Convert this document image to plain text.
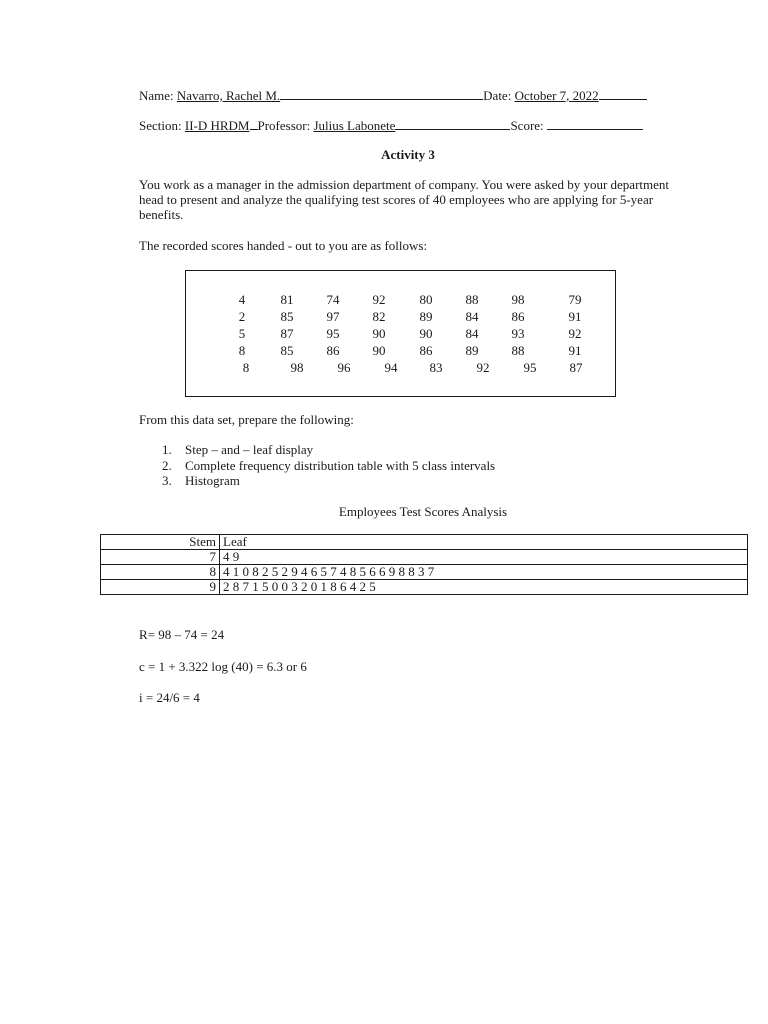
Name: Navarro, Rachel M.	Date: October 7, 2022
Section: II-D HRDM Professor: Julius Labonete	Score:
Activity 3
You work as a manager in the admission department of company. You were asked by your department head to present and analyze the qualifying test scores of 40 employees who are applying for 5-year benefits.
The recorded scores handed - out to you are as follows:
4	81	74	92	80	88	98	79
2	85	97	82	89	84	86	91
5	87	95	90	90	84	93	92
8	85	86	90	86	89	88	91
8	98	96	94	83	92	95	87
From this data set, prepare the following:
1. Step – and – leaf display
2. Complete frequency distribution table with 5 class intervals
3. Histogram
Employees Test Scores Analysis
Stem	Leaf
7	4 9
8	4 1 0 8 2 5 2 9 4 6 5 7 4 8 5 6 6 9 8 8 3 7
9	2 8 7 1 5 0 0 3 2 0 1 8 6 4 2 5
R= 98 – 74 = 24
c = 1 + 3.322 log (40) = 6.3 or 6
i = 24/6 = 4
